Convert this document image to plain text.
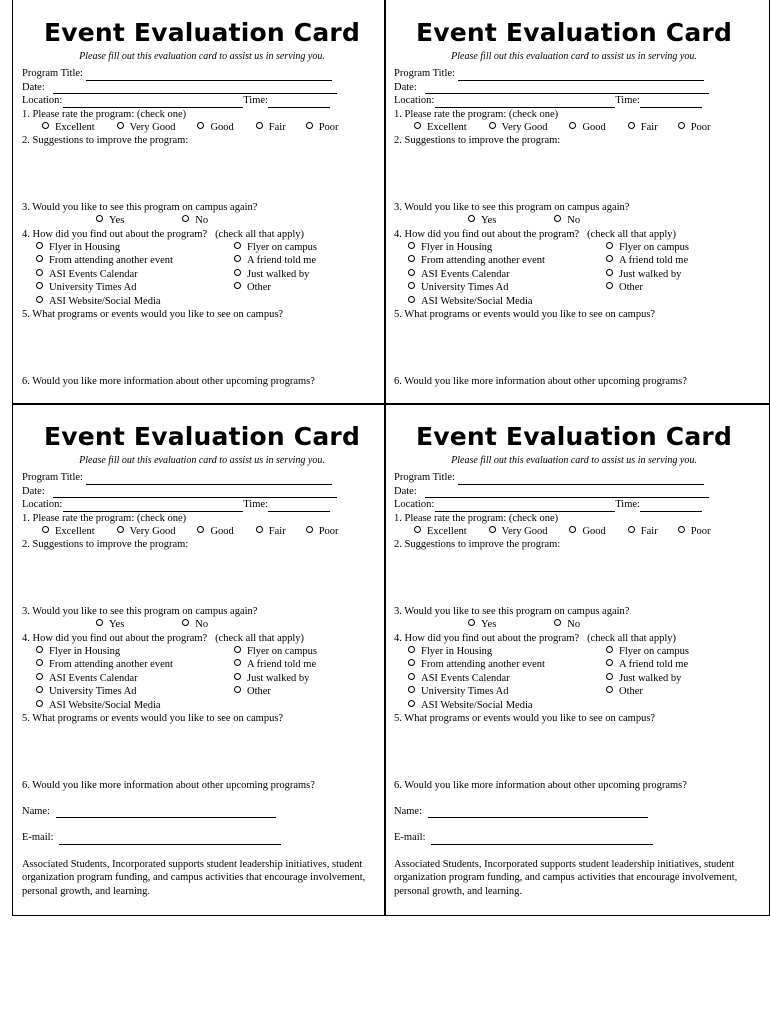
Event Evaluation Card
Please fill out this evaluation card to assist us in serving you.
Program Title:
Date:
Location:	Time:
1. Please rate the program: (check one)
Excellent	Very Good	Good	Fair	Poor
2. Suggestions to improve the program:
3. Would you like to see this program on campus again?
Yes	No
4. How did you find out about the program? (check all that apply)
Flyer in Housing	Flyer on campus
From attending another event	A friend told me
ASI Events Calendar	Just walked by
University Times Ad	Other
ASI Website/Social Media
5. What programs or events would you like to see on campus?
6. Would you like more information about other upcoming programs?
Event Evaluation Card
Please fill out this evaluation card to assist us in serving you.
Program Title:
Date:
Location:	Time:
1. Please rate the program: (check one)
Excellent	Very Good	Good	Fair	Poor
2. Suggestions to improve the program:
3. Would you like to see this program on campus again?
Yes	No
4. How did you find out about the program? (check all that apply)
Flyer in Housing	Flyer on campus
From attending another event	A friend told me
ASI Events Calendar	Just walked by
University Times Ad	Other
ASI Website/Social Media
5. What programs or events would you like to see on campus?
6. Would you like more information about other upcoming programs?
Event Evaluation Card
Please fill out this evaluation card to assist us in serving you.
Program Title:
Date:
Location:	Time:
1. Please rate the program: (check one)
Excellent	Very Good	Good	Fair	Poor
2. Suggestions to improve the program:
3. Would you like to see this program on campus again?
Yes	No
4. How did you find out about the program? (check all that apply)
Flyer in Housing	Flyer on campus
From attending another event	A friend told me
ASI Events Calendar	Just walked by
University Times Ad	Other
ASI Website/Social Media
5. What programs or events would you like to see on campus?
6. Would you like more information about other upcoming programs?
Name:
E-mail:
Associated Students, Incorporated supports student leadership initiatives, student organization program funding, and campus activities that encourage involvement, personal growth, and learning.
Event Evaluation Card
Please fill out this evaluation card to assist us in serving you.
Program Title:
Date:
Location:	Time:
1. Please rate the program: (check one)
Excellent	Very Good	Good	Fair	Poor
2. Suggestions to improve the program:
3. Would you like to see this program on campus again?
Yes	No
4. How did you find out about the program? (check all that apply)
Flyer in Housing	Flyer on campus
From attending another event	A friend told me
ASI Events Calendar	Just walked by
University Times Ad	Other
ASI Website/Social Media
5. What programs or events would you like to see on campus?
6. Would you like more information about other upcoming programs?
Name:
E-mail:
Associated Students, Incorporated supports student leadership initiatives, student organization program funding, and campus activities that encourage involvement, personal growth, and learning.
